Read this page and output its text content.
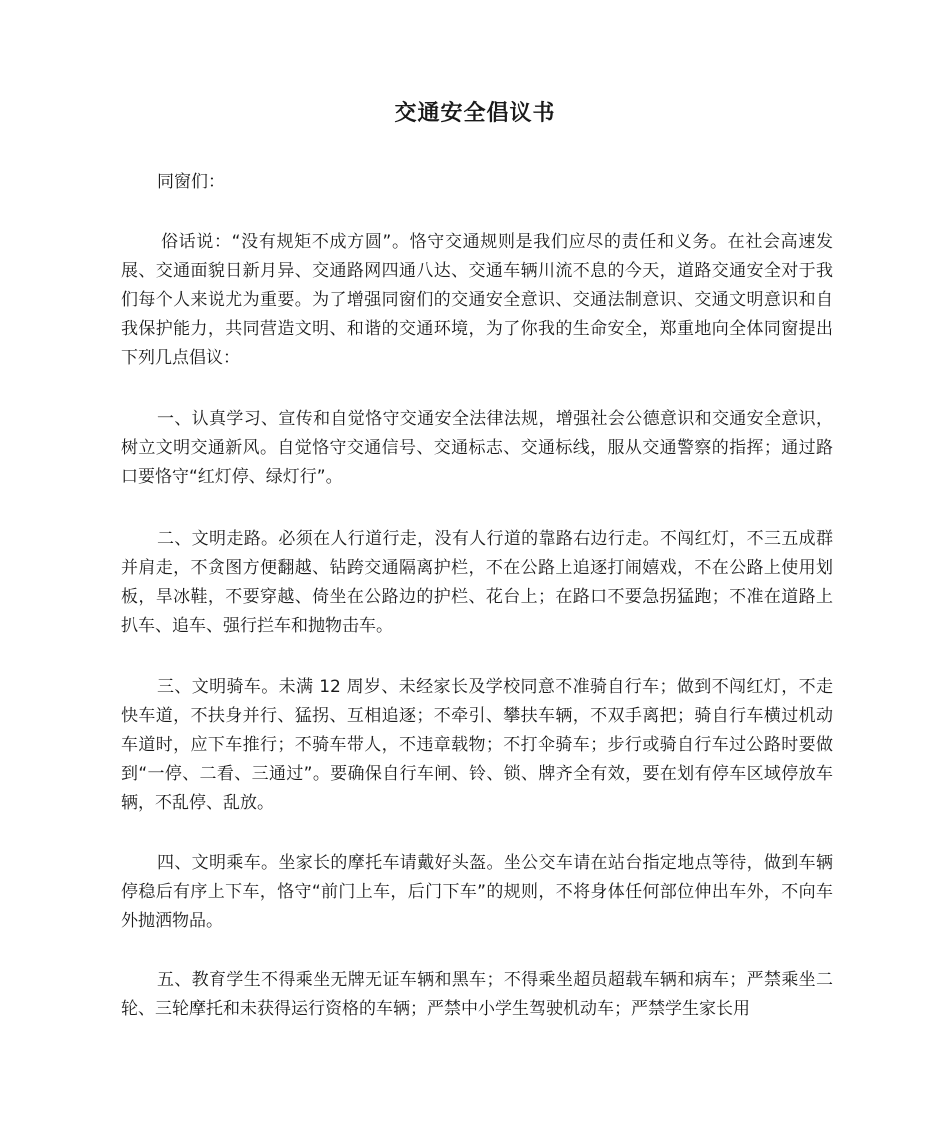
交通安全倡议书
同窗们：

俗话说：“没有规矩不成方圆”。恪守交通规则是我们应尽的责任和义务。在社会高速发展、交通面貌日新月异、交通路网四通八达、交通车辆川流不息的今天，道路交通安全对于我们每个人来说尤为重要。为了增强同窗们的交通安全意识、交通法制意识、交通文明意识和自我保护能力，共同营造文明、和谐的交通环境，为了你我的生命安全，郑重地向全体同窗提出下列几点倡议：

一、认真学习、宣传和自觉恪守交通安全法律法规，增强社会公德意识和交通安全意识，树立文明交通新风。自觉恪守交通信号、交通标志、交通标线，服从交通警察的指挥；通过路口要恪守“红灯停、绿灯行”。

二、文明走路。必须在人行道行走，没有人行道的靠路右边行走。不闯红灯，不三五成群并肩走，不贪图方便翻越、钻跨交通隔离护栏，不在公路上追逐打闹嬉戏，不在公路上使用划板，旱冰鞋，不要穿越、倚坐在公路边的护栏、花台上；在路口不要急拐猛跑；不准在道路上扒车、追车、强行拦车和抛物击车。

三、文明骑车。未满 12 周岁、未经家长及学校同意不准骑自行车；做到不闯红灯，不走快车道，不扶身并行、猛拐、互相追逐；不牵引、攀扶车辆，不双手离把；骑自行车横过机动车道时，应下车推行；不骑车带人，不违章载物；不打伞骑车；步行或骑自行车过公路时要做到“一停、二看、三通过”。要确保自行车闸、铃、锁、牌齐全有效，要在划有停车区域停放车辆，不乱停、乱放。

四、文明乘车。坐家长的摩托车请戴好头盔。坐公交车请在站台指定地点等待，做到车辆停稳后有序上下车，恪守“前门上车，后门下车”的规则，不将身体任何部位伸出车外，不向车外抛洒物品。

五、教育学生不得乘坐无牌无证车辆和黑车；不得乘坐超员超载车辆和病车；严禁乘坐二轮、三轮摩托和未获得运行资格的车辆；严禁中小学生驾驶机动车；严禁学生家长用
